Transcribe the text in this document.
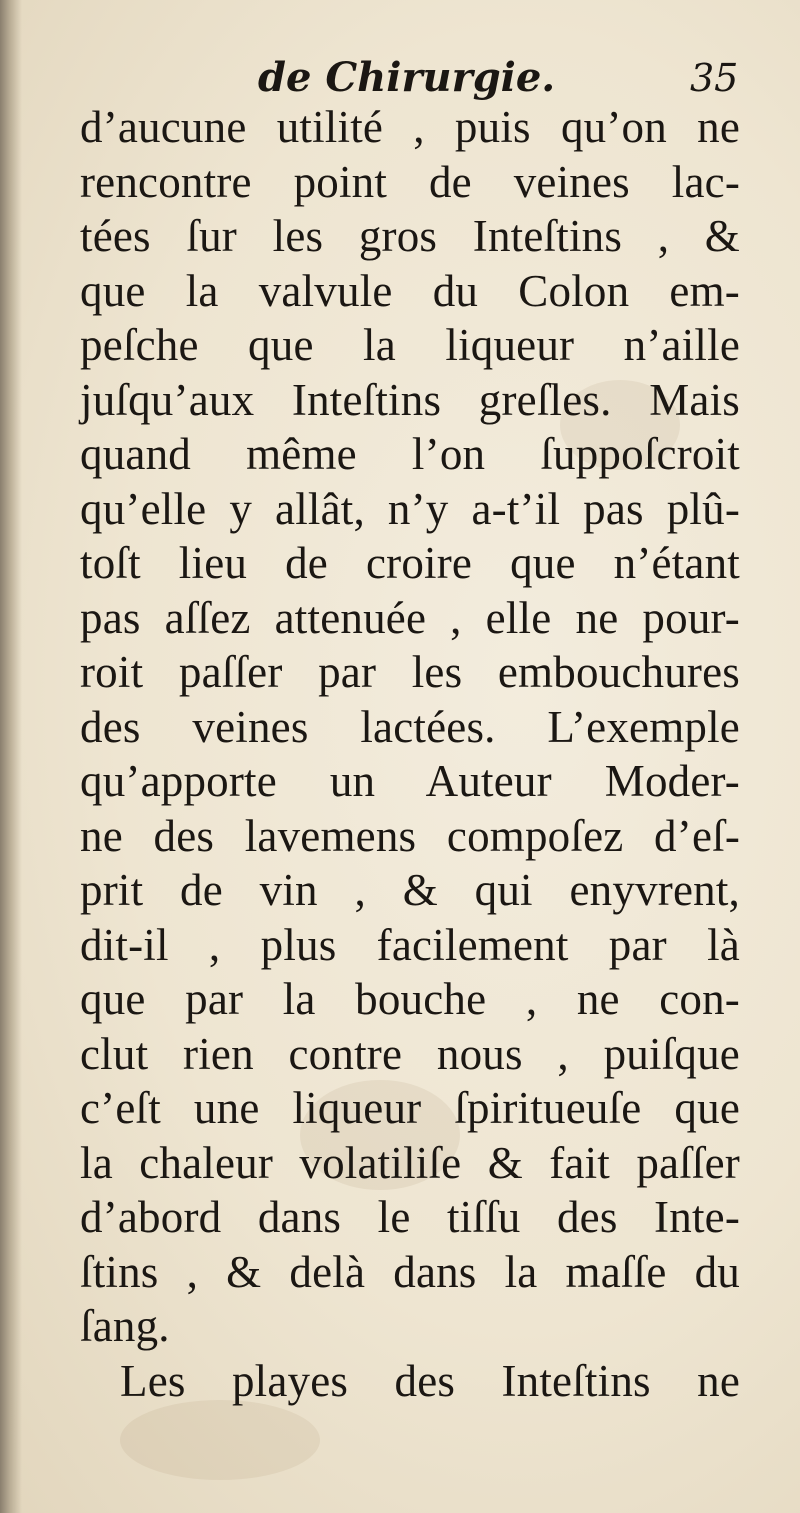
de Chirurgie.	35
d’aucune utilité , puis qu’on ne
rencontre point de veines lac-
tées ſur les gros Inteſtins , &
que la valvule du Colon em-
peſche que la liqueur n’aille
juſqu’aux Inteſtins greſles. Mais
quand même l’on ſuppoſcroit
qu’elle y allât, n’y a-t’il pas plû-
toſt lieu de croire que n’étant
pas aſſez attenuée , elle ne pour-
roit paſſer par les embouchures
des veines lactées. L’exemple
qu’apporte un Auteur Moder-
ne des lavemens compoſez d’eſ-
prit de vin , & qui enyvrent,
dit-il , plus facilement par là
que par la bouche , ne con-
clut rien contre nous , puiſque
c’eſt une liqueur ſpiritueuſe que
la chaleur volatiliſe & fait paſſer
d’abord dans le tiſſu des Inte-
ſtins , & delà dans la maſſe du
ſang.
Les playes des Inteſtins ne
